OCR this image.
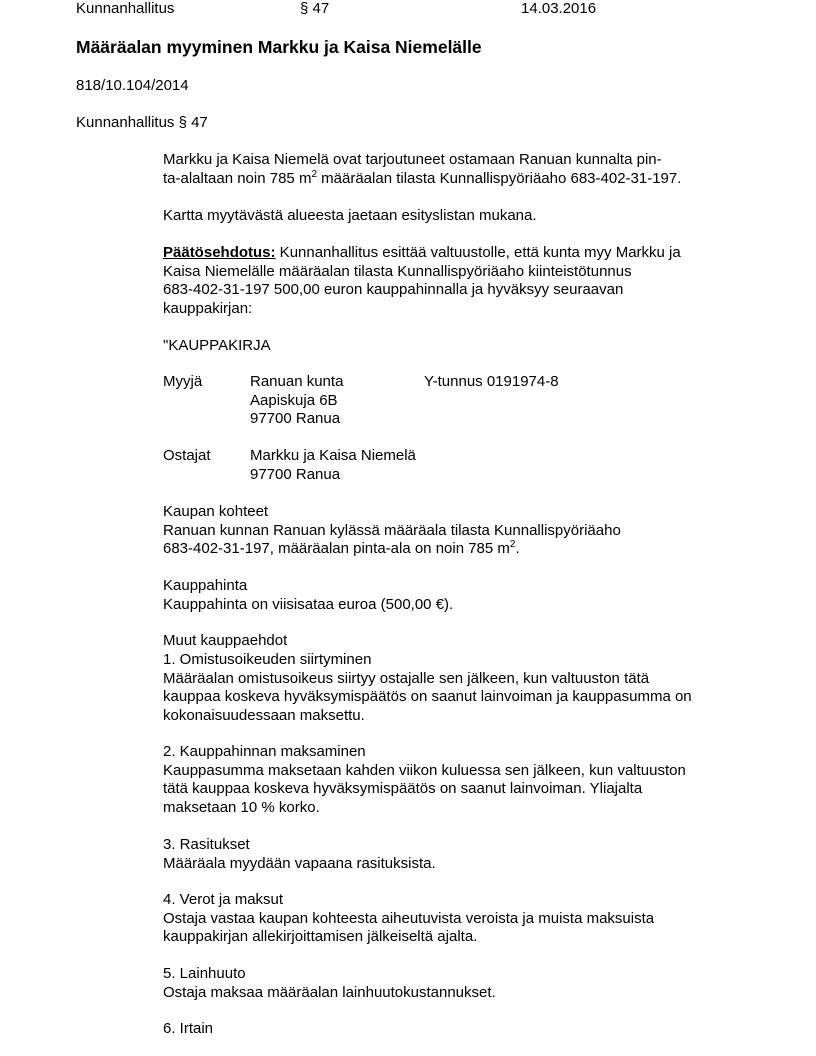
Kunnanhallitus	§ 47	14.03.2016
Määräalan myyminen Markku ja Kaisa Niemelälle
818/10.104/2014
Kunnanhallitus § 47
Markku ja Kaisa Niemelä ovat tarjoutuneet ostamaan Ranuan kunnalta pin-
ta-alaltaan noin 785 $m^2$ määräalan tilasta Kunnallispyöriäaho 683-402-31-197.
Kartta myytävästä alueesta jaetaan esityslistan mukana.
Päätösehdotus: Kunnanhallitus esittää valtuustolle, että kunta myy Markku ja
Kaisa Niemelälle määräalan tilasta Kunnallispyöriäaho kiinteistötunnus
683-402-31-197 500,00 euron kauppahinnalla ja hyväksyy seuraavan
kauppakirjan:
"KAUPPAKIRJA
Myyjä	Ranuan kunta	Y-tunnus 0191974-8
Aapiskuja 6B
97700 Ranua
Ostajat	Markku ja Kaisa Niemelä
97700 Ranua
Kaupan kohteet
Ranuan kunnan Ranuan kylässä määräala tilasta Kunnallispyöriäaho
683-402-31-197, määräalan pinta-ala on noin 785 $m^2$.
Kauppahinta
Kauppahinta on viisisataa euroa (500,00 €).
Muut kauppaehdot
1. Omistusoikeuden siirtyminen
Määräalan omistusoikeus siirtyy ostajalle sen jälkeen, kun valtuuston tätä
kauppaa koskeva hyväksymispäätös on saanut lainvoiman ja kauppasumma on
kokonaisuudessaan maksettu.
2. Kauppahinnan maksaminen
Kauppasumma maksetaan kahden viikon kuluessa sen jälkeen, kun valtuuston
tätä kauppaa koskeva hyväksymispäätös on saanut lainvoiman. Yliajalta
maksetaan 10 % korko.
3. Rasitukset
Määräala myydään vapaana rasituksista.
4. Verot ja maksut
Ostaja vastaa kaupan kohteesta aiheutuvista veroista ja muista maksuista
kauppakirjan allekirjoittamisen jälkeiseltä ajalta.
5. Lainhuuto
Ostaja maksaa määräalan lainhuutokustannukset.
6. Irtain
